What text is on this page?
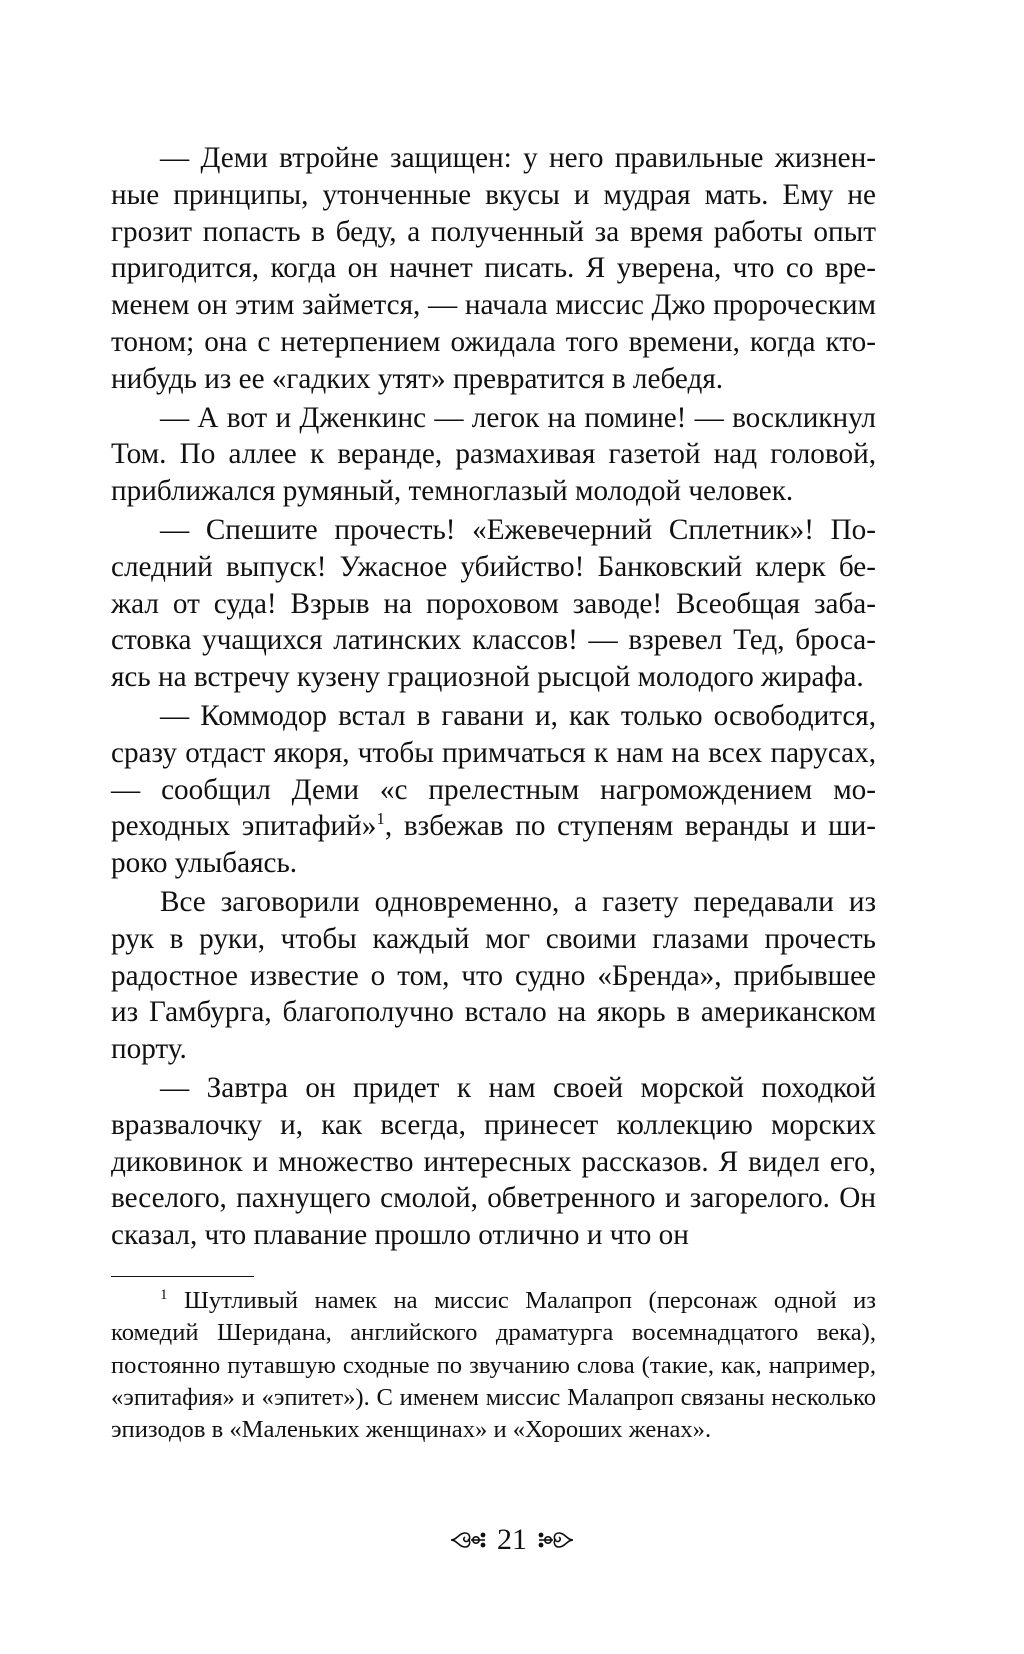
— Деми втройне защищен: у него правильные жизненные принципы, утонченные вкусы и мудрая мать. Ему не грозит попасть в беду, а полученный за время работы опыт пригодится, когда он начнет писать. Я уверена, что со временем он этим займется, — начала миссис Джо пророческим тоном; она с нетерпением ожидала того времени, когда кто-нибудь из ее «гадких утят» превратится в лебедя.

— А вот и Дженкинс — легок на помине! — воскликнул Том. По аллее к веранде, размахивая газетой над головой, приближался румяный, темноглазый молодой человек.

— Спешите прочесть! «Ежевечерний Сплетник»! Последний выпуск! Ужасное убийство! Банковский клерк бежал от суда! Взрыв на пороховом заводе! Всеобщая забастовка учащихся латинских классов! — взревел Тед, бросаясь на встречу кузену грациозной рысцой молодого жирафа.

— Коммодор встал в гавани и, как только освободится, сразу отдаст якоря, чтобы примчаться к нам на всех парусах, — сообщил Деми «с прелестным нагромождением мореходных эпитафий»$^1$, взбежав по ступеням веранды и широко улыбаясь.

Все заговорили одновременно, а газету передавали из рук в руки, чтобы каждый мог своими глазами прочесть радостное известие о том, что судно «Бренда», прибывшее из Гамбурга, благополучно встало на якорь в американском порту.

— Завтра он придет к нам своей морской походкой вразвалочку и, как всегда, принесет коллекцию морских диковинок и множество интересных рассказов. Я видел его, веселого, пахнущего смолой, обветренного и загорелого. Он сказал, что плавание прошло отлично и что он

$^1$ Шутливый намек на миссис Малапроп (персонаж одной из комедий Шеридана, английского драматурга восемнадцатого века), постоянно путавшую сходные по звучанию слова (такие, как, например, «эпитафия» и «эпитет»). С именем миссис Малапроп связаны несколько эпизодов в «Маленьких женщинах» и «Хороших женах».

21
